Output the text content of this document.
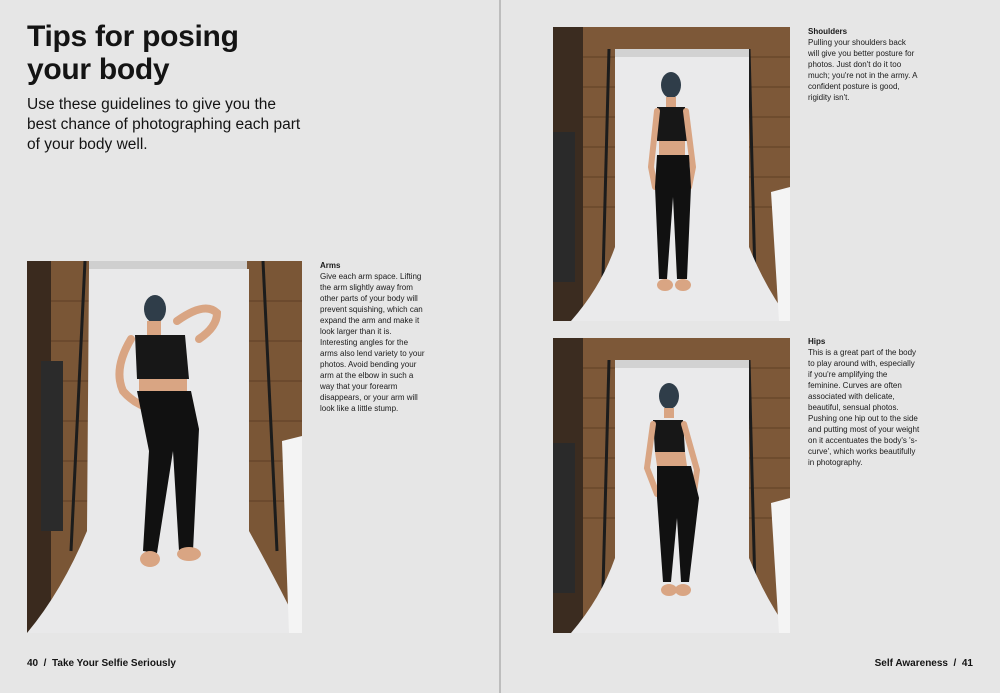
Tips for posing
your body

Use these guidelines to give you the best chance of photographing each part of your body well.

Arms
Give each arm space. Lifting the arm slightly away from other parts of your body will prevent squishing, which can expand the arm and make it look larger than it is. Interesting angles for the arms also lend variety to your photos. Avoid bending your arm at the elbow in such a way that your forearm disappears, or your arm will look like a little stump.
40  /  Take Your Selfie Seriously
Shoulders
Pulling your shoulders back will give you better posture for photos. Just don't do it too much; you're not in the army. A confident posture is good, rigidity isn't.
Hips
This is a great part of the body to play around with, especially if you're amplifying the feminine. Curves are often associated with delicate, beautiful, sensual photos. Pushing one hip out to the side and putting most of your weight on it accentuates the body's 's-curve', which works beautifully in photography.
Self Awareness  /  41
